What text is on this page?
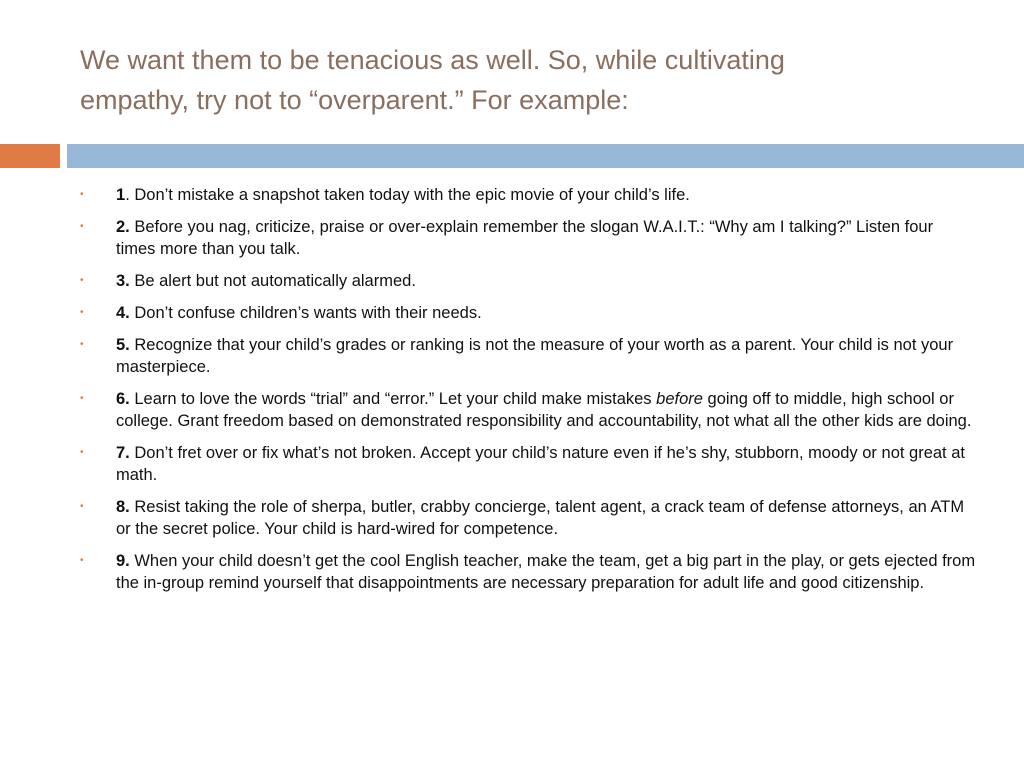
We want them to be tenacious as well. So, while cultivating
empathy, try not to “overparent.” For example:
• 1. Don’t mistake a snapshot taken today with the epic movie of your child’s life.
• 2. Before you nag, criticize, praise or over-explain remember the slogan W.A.I.T.: “Why am I talking?” Listen four times more than you talk.
• 3. Be alert but not automatically alarmed.
• 4. Don’t confuse children’s wants with their needs.
• 5. Recognize that your child’s grades or ranking is not the measure of your worth as a parent. Your child is not your masterpiece.
• 6. Learn to love the words “trial” and “error.” Let your child make mistakes before going off to middle, high school or college. Grant freedom based on demonstrated responsibility and accountability, not what all the other kids are doing.
• 7. Don’t fret over or fix what’s not broken. Accept your child’s nature even if he’s shy, stubborn, moody or not great at math.
• 8. Resist taking the role of sherpa, butler, crabby concierge, talent agent, a crack team of defense attorneys, an ATM or the secret police. Your child is hard-wired for competence.
• 9. When your child doesn’t get the cool English teacher, make the team, get a big part in the play, or gets ejected from the in-group remind yourself that disappointments are necessary preparation for adult life and good citizenship.
